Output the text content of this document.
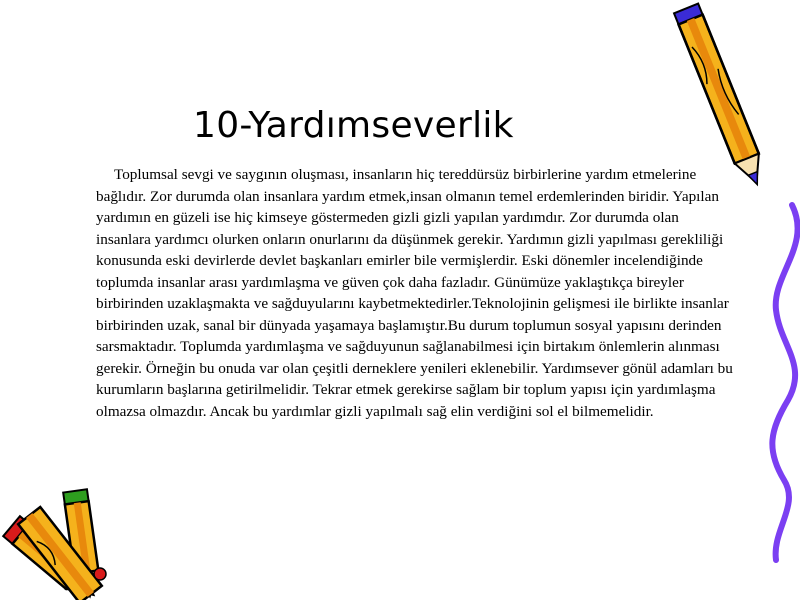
10-Yardımseverlik

Toplumsal sevgi ve saygının oluşması, insanların hiç tereddürsüz birbirlerine yardım etmelerine bağlıdır. Zor durumda olan insanlara yardım etmek,insan olmanın temel erdemlerinden biridir. Yapılan yardımın en güzeli ise hiç kimseye göstermeden gizli gizli yapılan yardımdır. Zor durumda olan insanlara yardımcı olurken onların onurlarını da düşünmek gerekir. Yardımın gizli yapılması gerekliliği konusunda eski devirlerde devlet başkanları emirler bile vermişlerdir. Eski dönemler incelendiğinde toplumda insanlar arası yardımlaşma ve güven çok daha fazladır. Günümüze yaklaştıkça bireyler birbirinden uzaklaşmakta ve sağduyularını kaybetmektedirler.Teknolojinin gelişmesi ile birlikte insanlar birbirinden uzak, sanal bir dünyada yaşamaya başlamıştır.Bu durum toplumun sosyal yapısını derinden sarsmaktadır. Toplumda yardımlaşma ve sağduyunun sağlanabilmesi için birtakım önlemlerin alınması gerekir. Örneğin bu onuda var olan çeşitli derneklere yenileri eklenebilir. Yardımsever gönül adamları bu kurumların başlarına getirilmelidir. Tekrar etmek gerekirse sağlam bir toplum yapısı için yardımlaşma olmazsa olmazdır. Ancak bu yardımlar gizli yapılmalı sağ elin verdiğini sol el bilmemelidir.
